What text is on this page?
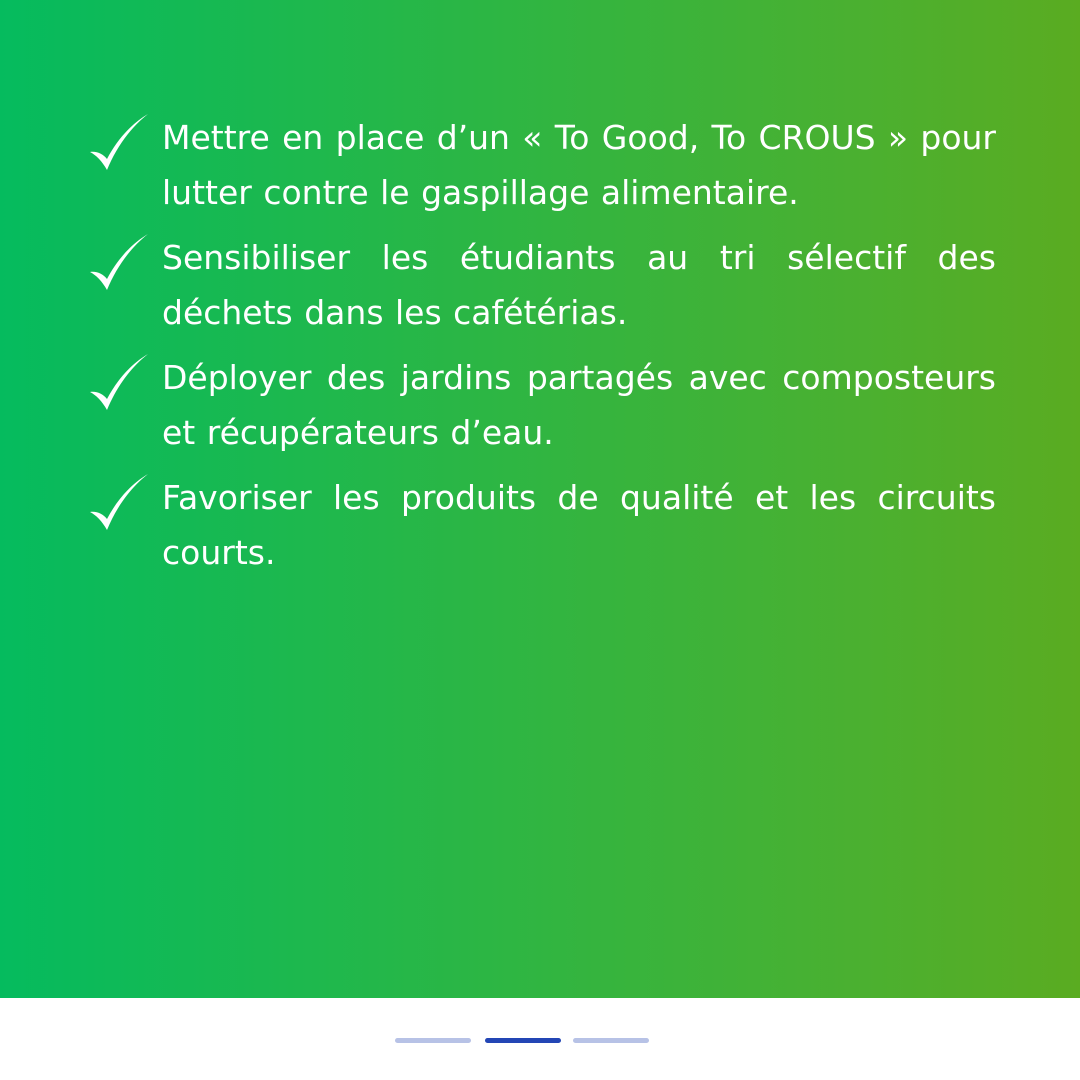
Mettre en place d’un « To Good, To CROUS » pour lutter contre le gaspillage alimentaire.
Sensibiliser les étudiants au tri sélectif des déchets dans les cafétérias.
Déployer des jardins partagés avec composteurs et récupérateurs d’eau.
Favoriser les produits de qualité et les circuits courts.
